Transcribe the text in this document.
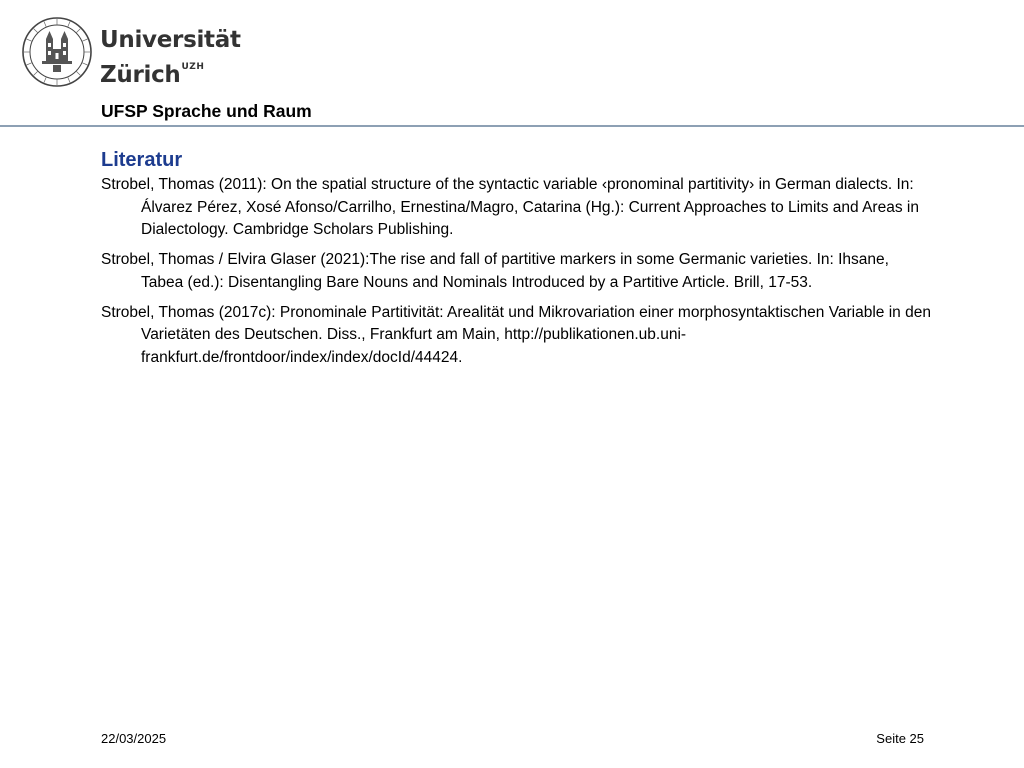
Universität
Zürich$^{UZH}$
UFSP Sprache und Raum
Literatur
Strobel, Thomas (2011): On the spatial structure of the syntactic variable ‹pronominal partitivity› in German dialects. In: Álvarez Pérez, Xosé Afonso/Carrilho, Ernestina/Magro, Catarina (Hg.): Current Approaches to Limits and Areas in Dialectology. Cambridge Scholars Publishing.
Strobel, Thomas / Elvira Glaser (2021):The rise and fall of partitive markers in some Germanic varieties. In: Ihsane, Tabea (ed.): Disentangling Bare Nouns and Nominals Introduced by a Partitive Article. Brill, 17-53.
Strobel, Thomas (2017c): Pronominale Partitivität: Arealität und Mikrovariation einer morphosyntaktischen Variable in den Varietäten des Deutschen. Diss., Frankfurt am Main, http://publikationen.ub.uni-frankfurt.de/frontdoor/index/index/docId/44424.
22/03/2025	Seite 25
